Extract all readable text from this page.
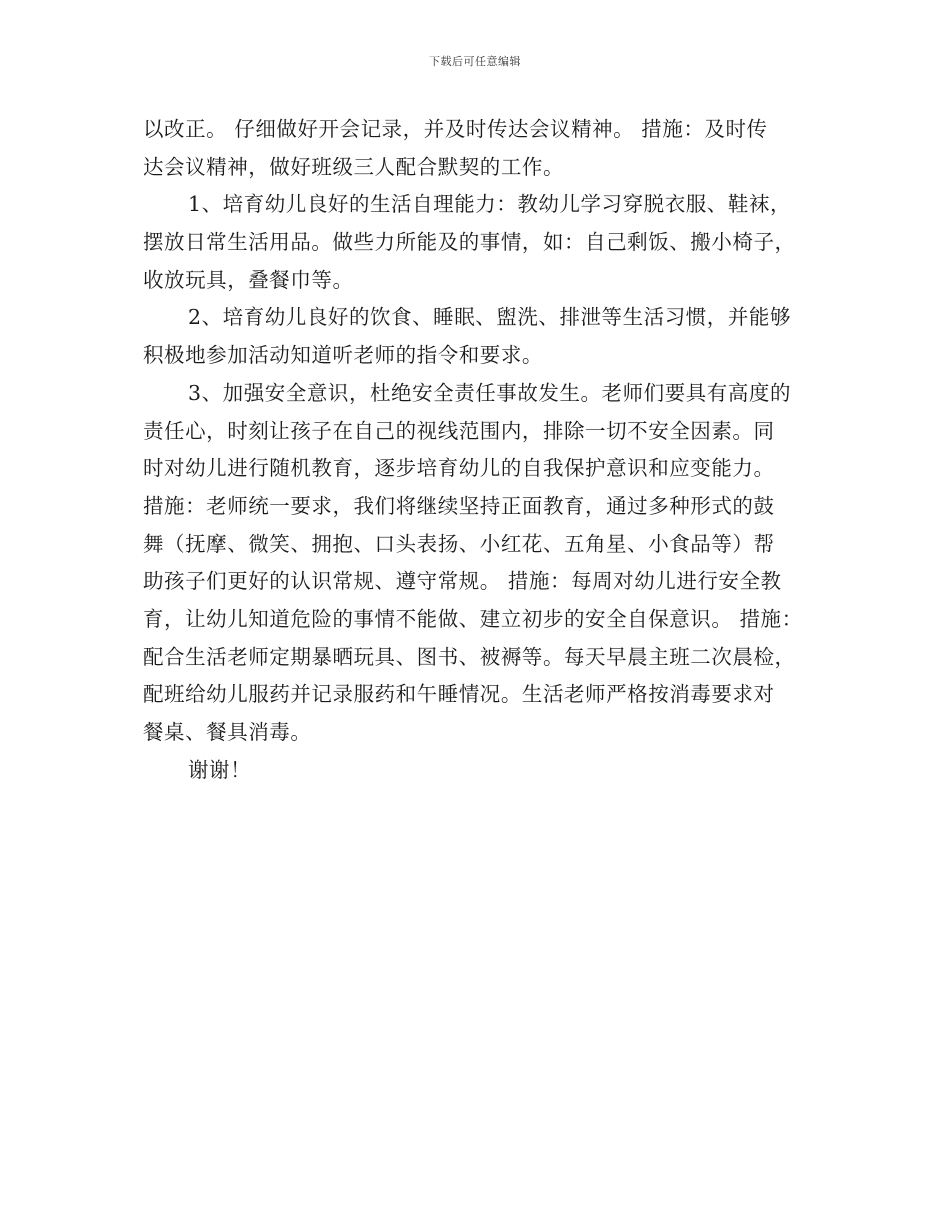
下载后可任意编辑
以改正。 仔细做好开会记录，并及时传达会议精神。 措施：及时传
达会议精神，做好班级三人配合默契的工作。
1、培育幼儿良好的生活自理能力：教幼儿学习穿脱衣服、鞋袜，
摆放日常生活用品。做些力所能及的事情，如：自己剩饭、搬小椅子，
收放玩具，叠餐巾等。
2、培育幼儿良好的饮食、睡眠、盥洗、排泄等生活习惯，并能够
积极地参加活动知道听老师的指令和要求。
3、加强安全意识，杜绝安全责任事故发生。老师们要具有高度的
责任心，时刻让孩子在自己的视线范围内，排除一切不安全因素。同
时对幼儿进行随机教育，逐步培育幼儿的自我保护意识和应变能力。
措施：老师统一要求，我们将继续坚持正面教育，通过多种形式的鼓
舞（抚摩、微笑、拥抱、口头表扬、小红花、五角星、小食品等）帮
助孩子们更好的认识常规、遵守常规。 措施：每周对幼儿进行安全教
育，让幼儿知道危险的事情不能做、建立初步的安全自保意识。 措施：
配合生活老师定期暴晒玩具、图书、被褥等。每天早晨主班二次晨检，
配班给幼儿服药并记录服药和午睡情况。生活老师严格按消毒要求对
餐桌、餐具消毒。
谢谢！
